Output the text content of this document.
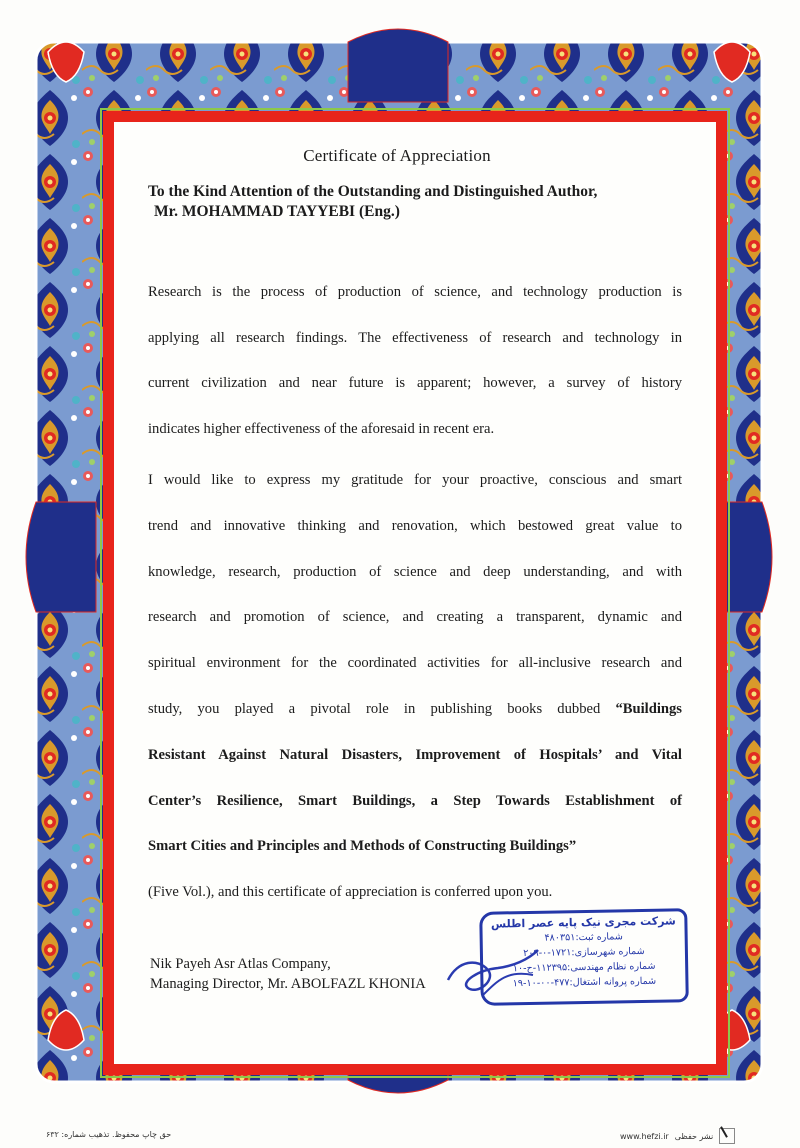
Certificate of Appreciation
To the Kind Attention of the Outstanding and Distinguished Author,
Mr. MOHAMMAD TAYYEBI (Eng.)
Research is the process of production of science, and technology production is
applying all research findings. The effectiveness of research and technology in
current civilization and near future is apparent; however, a survey of history
indicates higher effectiveness of the aforesaid in recent era.
I would like to express my gratitude for your proactive, conscious and smart
trend and innovative thinking and renovation, which bestowed great value to
knowledge, research, production of science and deep understanding, and with
research and promotion of science, and creating a transparent, dynamic and
spiritual environment for the coordinated activities for all-inclusive research and
study, you played a pivotal role in publishing books dubbed “Buildings
Resistant Against Natural Disasters, Improvement of Hospitals’ and Vital
Center’s Resilience, Smart Buildings, a Step Towards Establishment of
Smart Cities and Principles and Methods of Constructing Buildings”
(Five Vol.), and this certificate of appreciation is conferred upon you.
Nik Payeh Asr Atlas Company,
Managing Director, Mr. ABOLFAZL KHONIA
شرکت مجری نیک پایه عصر اطلس
شماره ثبت:۴۸۰۳۵۱
شماره شهرسازی:۱۷۲۱-۰-۲۰۹
شماره نظام مهندسی:۱۱۲۳۹۵-ح-۱۰
شماره پروانه اشتغال:۴۷۷-۰۰-۱۰-۱۹
حق چاپ محفوظ. تذهیب شماره: ۶۳۲	www.hefzi.ir نشر حفظی
